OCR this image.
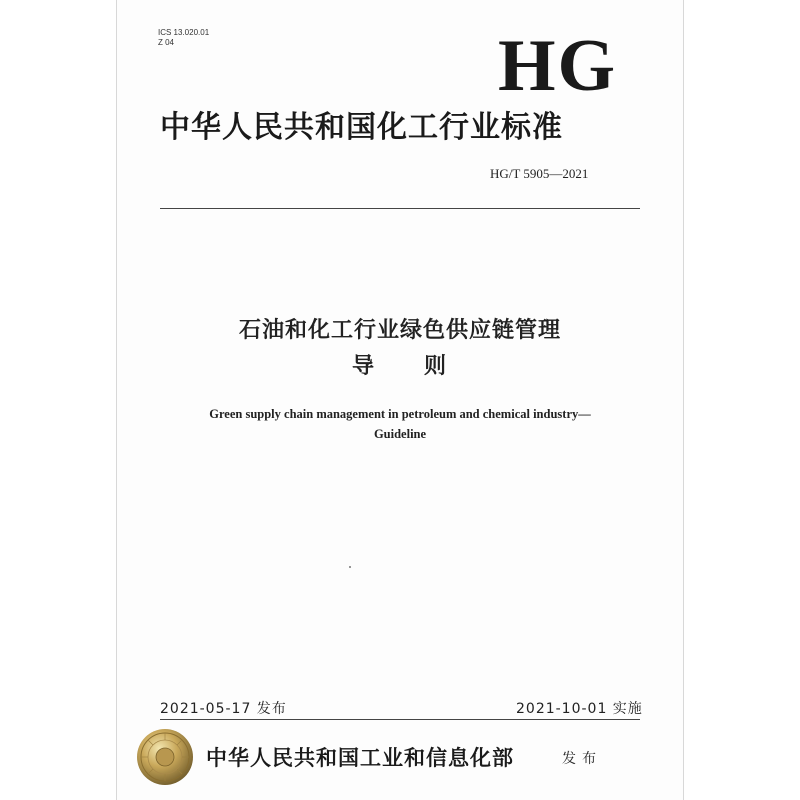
ICS 13.020.01
Z 04	HG
中华人民共和国化工行业标准
HG/T 5905—2021
石油和化工行业绿色供应链管理
导　　则
Green supply chain management in petroleum and chemical industry—
Guideline
2021-05-17 发布	2021-10-01 实施
中华人民共和国工业和信息化部	发布
